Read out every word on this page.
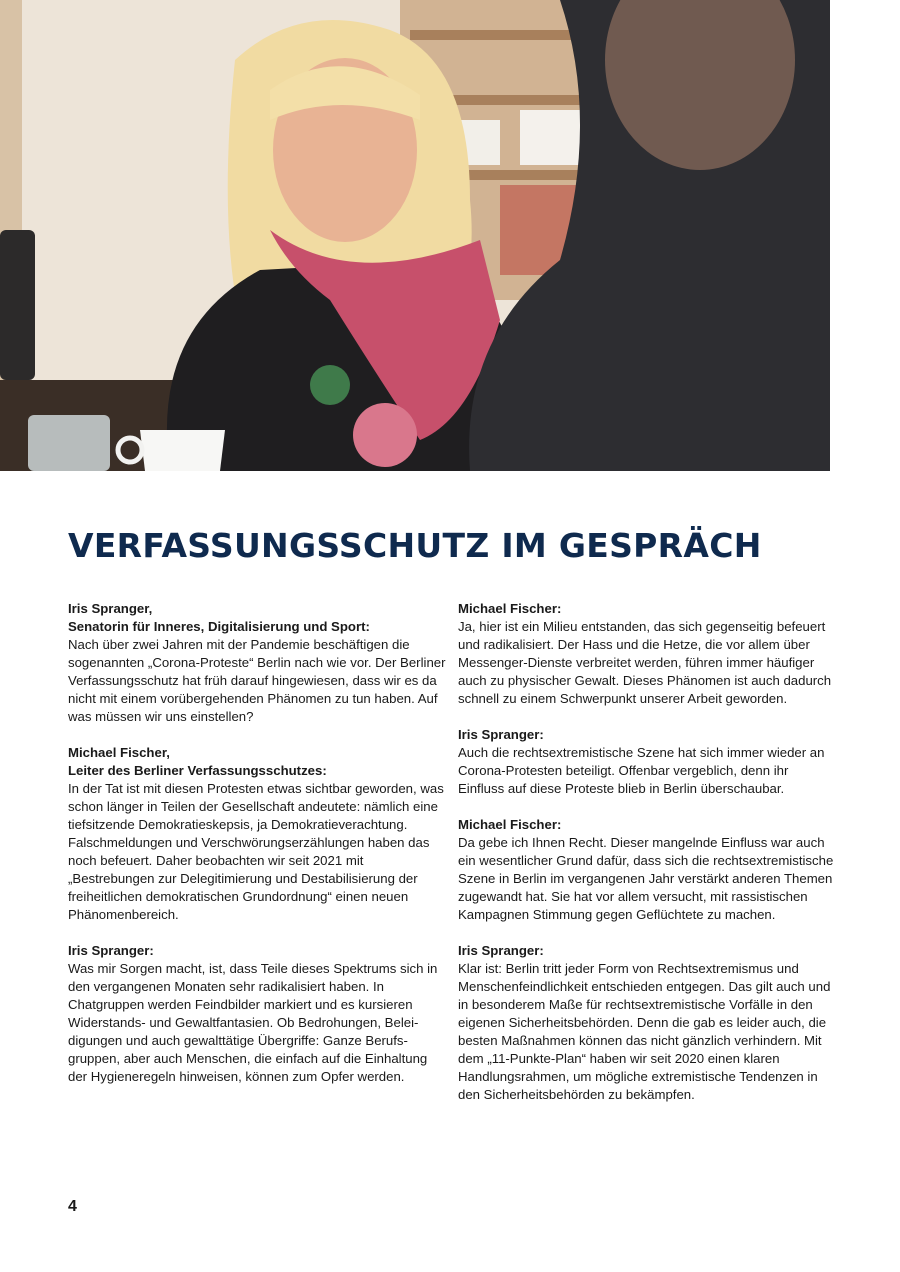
VERFASSUNGSSCHUTZ IM GESPRÄCH
Iris Spranger,
Senatorin für Inneres, Digitalisierung und Sport:
Nach über zwei Jahren mit der Pandemie beschäftigen die sogenannten „Corona-Proteste“ Berlin nach wie vor. Der Berliner Verfassungsschutz hat früh darauf hingewiesen, dass wir es da nicht mit einem vorübergehenden Phänomen zu tun haben. Auf was müssen wir uns einstellen?
Michael Fischer,
Leiter des Berliner Verfassungsschutzes:
In der Tat ist mit diesen Protesten etwas sichtbar geworden, was schon länger in Teilen der Gesellschaft andeutete: nämlich eine tiefsitzende Demokratieskepsis, ja Demokratieverachtung. Falschmeldungen und Verschwörungserzählungen haben das noch befeuert. Daher beobachten wir seit 2021 mit „Bestrebungen zur Delegitimierung und Destabilisierung der freiheitlichen demokratischen Grundordnung“ einen neuen Phänomenbereich.
Iris Spranger:
Was mir Sorgen macht, ist, dass Teile dieses Spektrums sich in den vergangenen Monaten sehr radikalisiert haben. In Chatgruppen werden Feindbilder markiert und es kursieren Widerstands- und Gewaltfantasien. Ob Bedrohungen, Beleidigungen und auch gewalttätige Übergriffe: Ganze Berufsgruppen, aber auch Menschen, die einfach auf die Einhaltung der Hygieneregeln hinweisen, können zum Opfer werden.
Michael Fischer:
Ja, hier ist ein Milieu entstanden, das sich gegenseitig befeuert und radikalisiert. Der Hass und die Hetze, die vor allem über Messenger-Dienste verbreitet werden, führen immer häufiger auch zu physischer Gewalt. Dieses Phänomen ist auch dadurch schnell zu einem Schwerpunkt unserer Arbeit geworden.
Iris Spranger:
Auch die rechtsextremistische Szene hat sich immer wieder an Corona-Protesten beteiligt. Offenbar vergeblich, denn ihr Einfluss auf diese Proteste blieb in Berlin überschaubar.
Michael Fischer:
Da gebe ich Ihnen Recht. Dieser mangelnde Einfluss war auch ein wesentlicher Grund dafür, dass sich die rechtsextremistische Szene in Berlin im vergangenen Jahr verstärkt anderen Themen zugewandt hat. Sie hat vor allem versucht, mit rassistischen Kampagnen Stimmung gegen Geflüchtete zu machen.
Iris Spranger:
Klar ist: Berlin tritt jeder Form von Rechtsextremismus und Menschenfeindlichkeit entschieden entgegen. Das gilt auch und in besonderem Maße für rechtsextremistische Vorfälle in den eigenen Sicherheitsbehörden. Denn die gab es leider auch, die besten Maßnahmen können das nicht gänzlich verhindern. Mit dem „11-Punkte-Plan“ haben wir seit 2020 einen klaren Handlungsrahmen, um mögliche extremistische Tendenzen in den Sicherheitsbehörden zu bekämpfen.
4
